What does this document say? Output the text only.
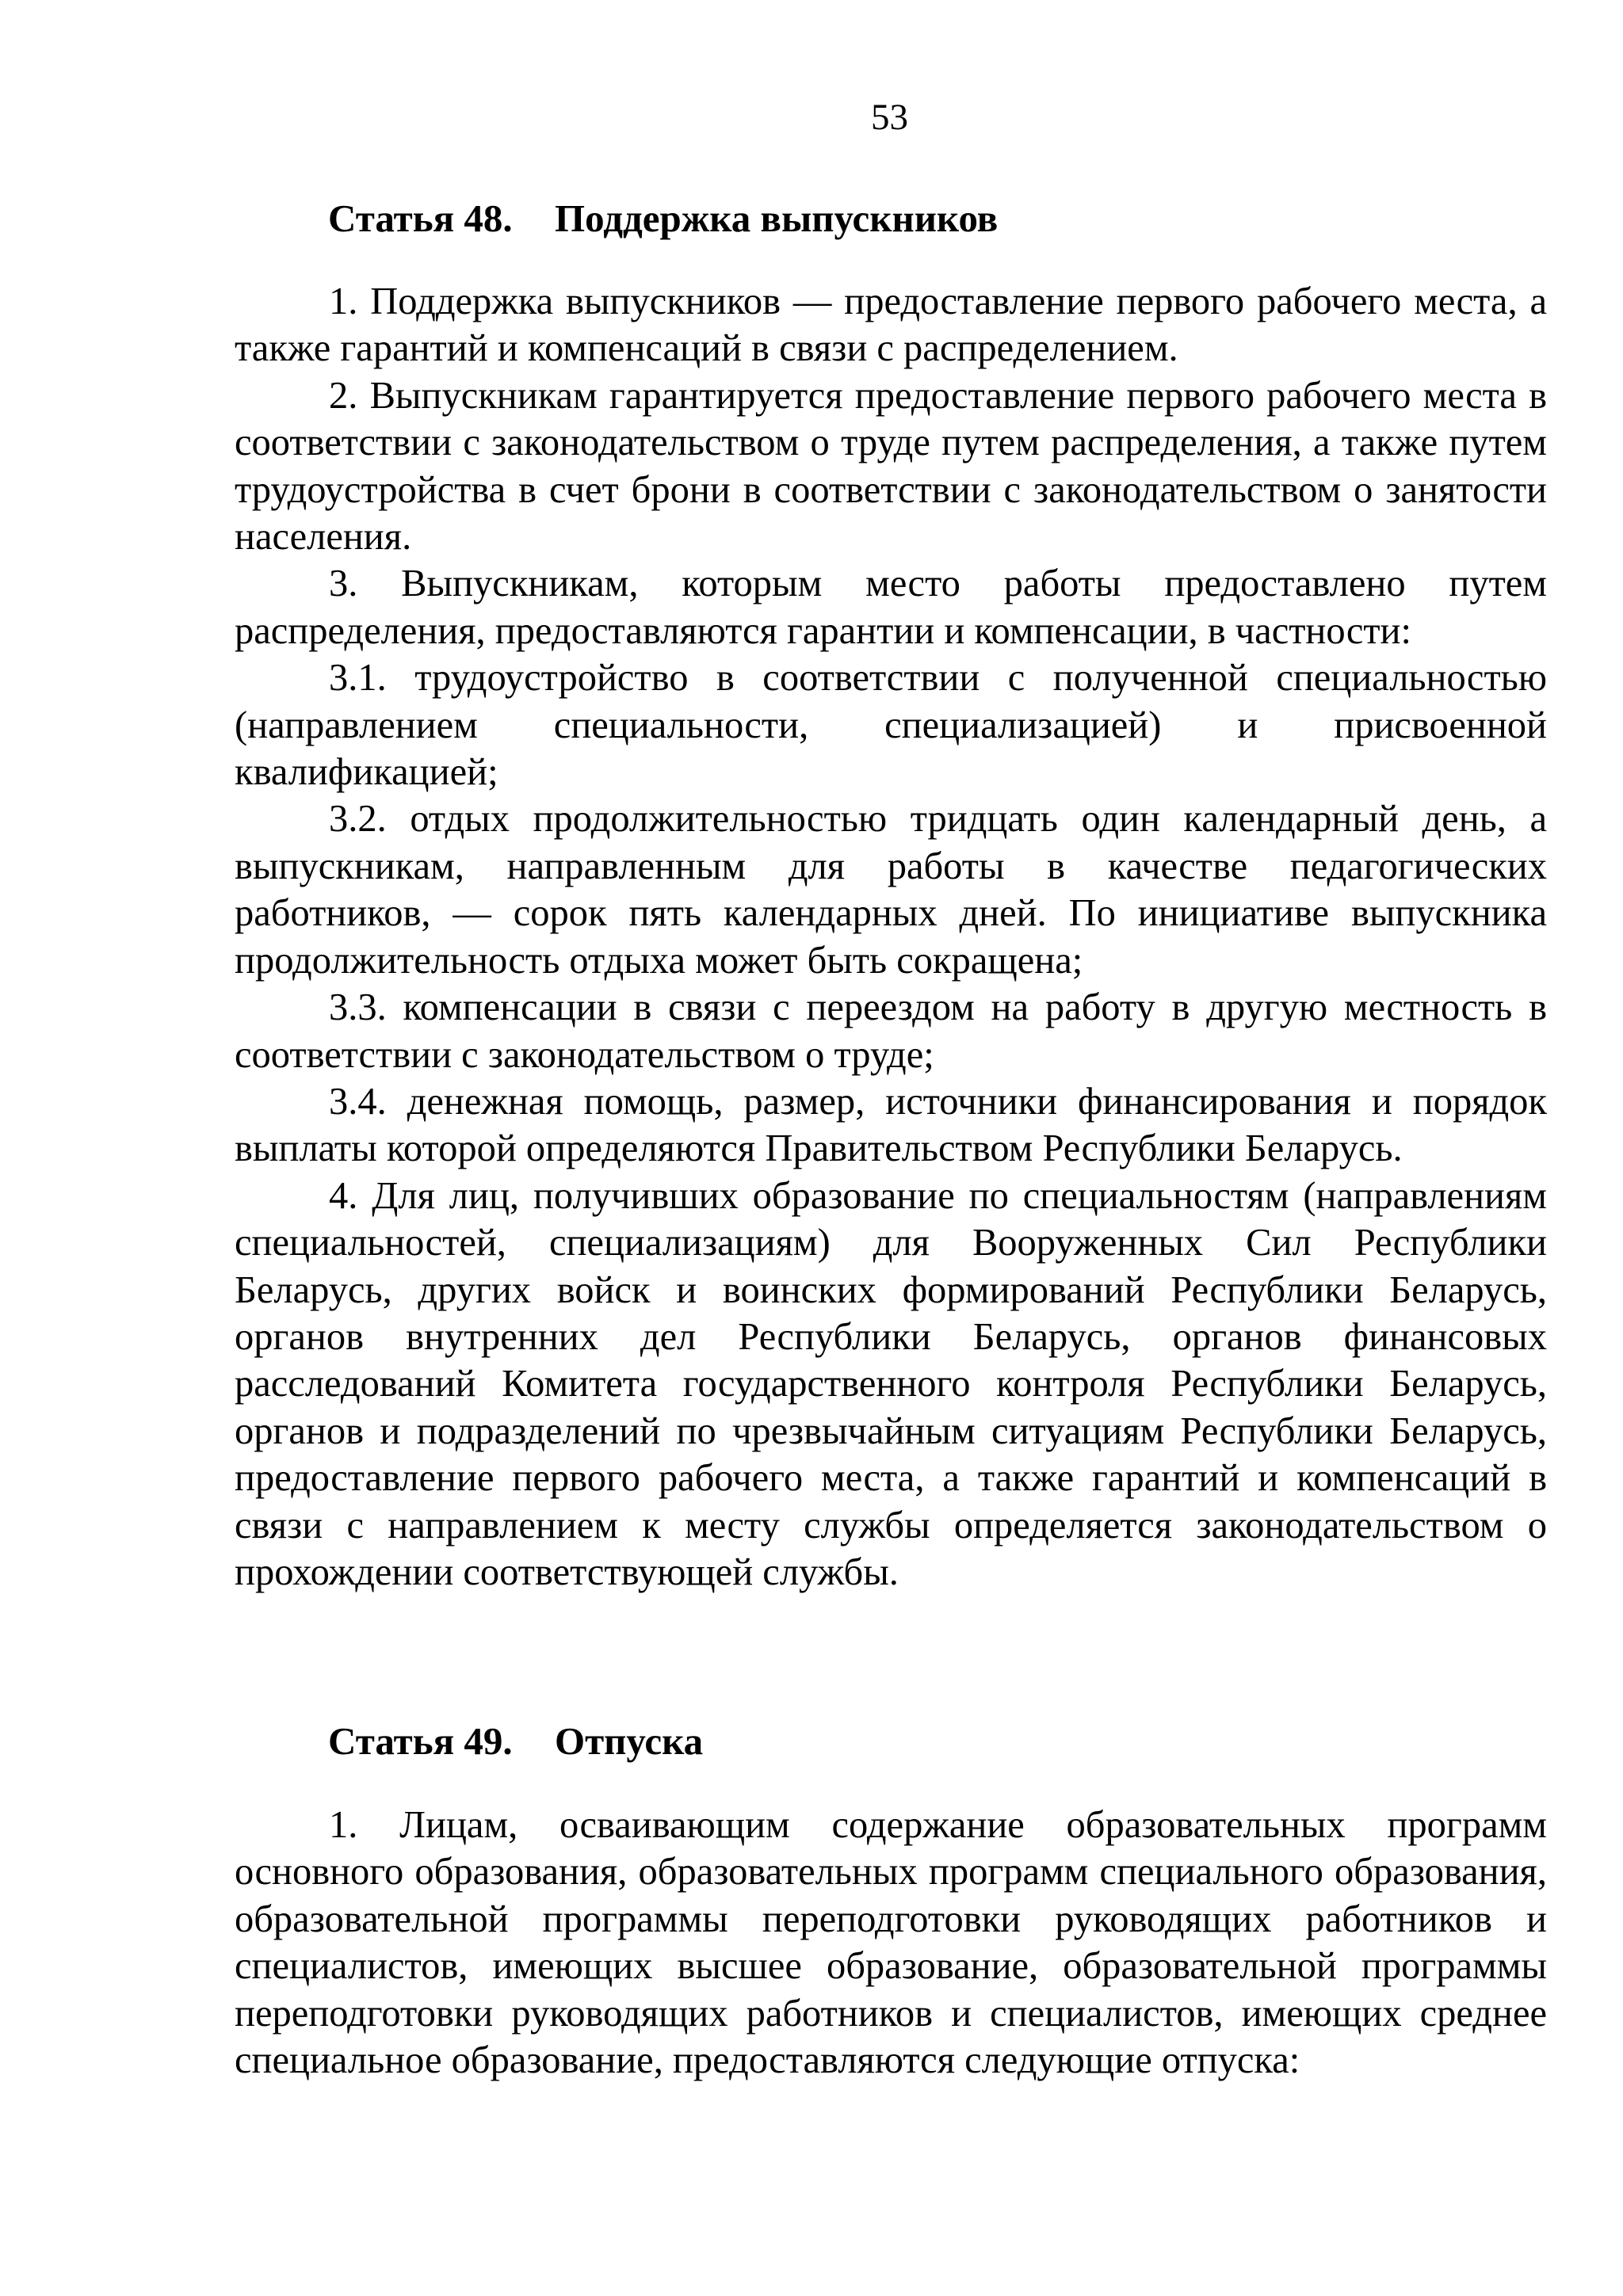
53
Статья 48. Поддержка выпускников

1. Поддержка выпускников — предоставление первого рабочего места, а также гарантий и компенсаций в связи с распределением.

2. Выпускникам гарантируется предоставление первого рабочего места в соответствии с законодательством о труде путем распределения, а также путем трудоустройства в счет брони в соответствии с законодательством о занятости населения.

3. Выпускникам, которым место работы предоставлено путем распределения, предоставляются гарантии и компенсации, в частности:

3.1. трудоустройство в соответствии с полученной специальностью (направлением специальности, специализацией) и присвоенной квалификацией;

3.2. отдых продолжительностью тридцать один календарный день, а выпускникам, направленным для работы в качестве педагогических работников, — сорок пять календарных дней. По инициативе выпускника продолжительность отдыха может быть сокращена;

3.3. компенсации в связи с переездом на работу в другую местность в соответствии с законодательством о труде;

3.4. денежная помощь, размер, источники финансирования и порядок выплаты которой определяются Правительством Республики Беларусь.

4. Для лиц, получивших образование по специальностям (направлениям специальностей, специализациям) для Вооруженных Сил Республики Беларусь, других войск и воинских формирований Республики Беларусь, органов внутренних дел Республики Беларусь, органов финансовых расследований Комитета государственного контроля Республики Беларусь, органов и подразделений по чрезвычайным ситуациям Республики Беларусь, предоставление первого рабочего места, а также гарантий и компенсаций в связи с направлением к месту службы определяется законодательством о прохождении соответствующей службы.

Статья 49. Отпуска

1. Лицам, осваивающим содержание образовательных программ основного образования, образовательных программ специального образования, образовательной программы переподготовки руководящих работников и специалистов, имеющих высшее образование, образовательной программы переподготовки руководящих работников и специалистов, имеющих среднее специальное образование, предоставляются следующие отпуска:
